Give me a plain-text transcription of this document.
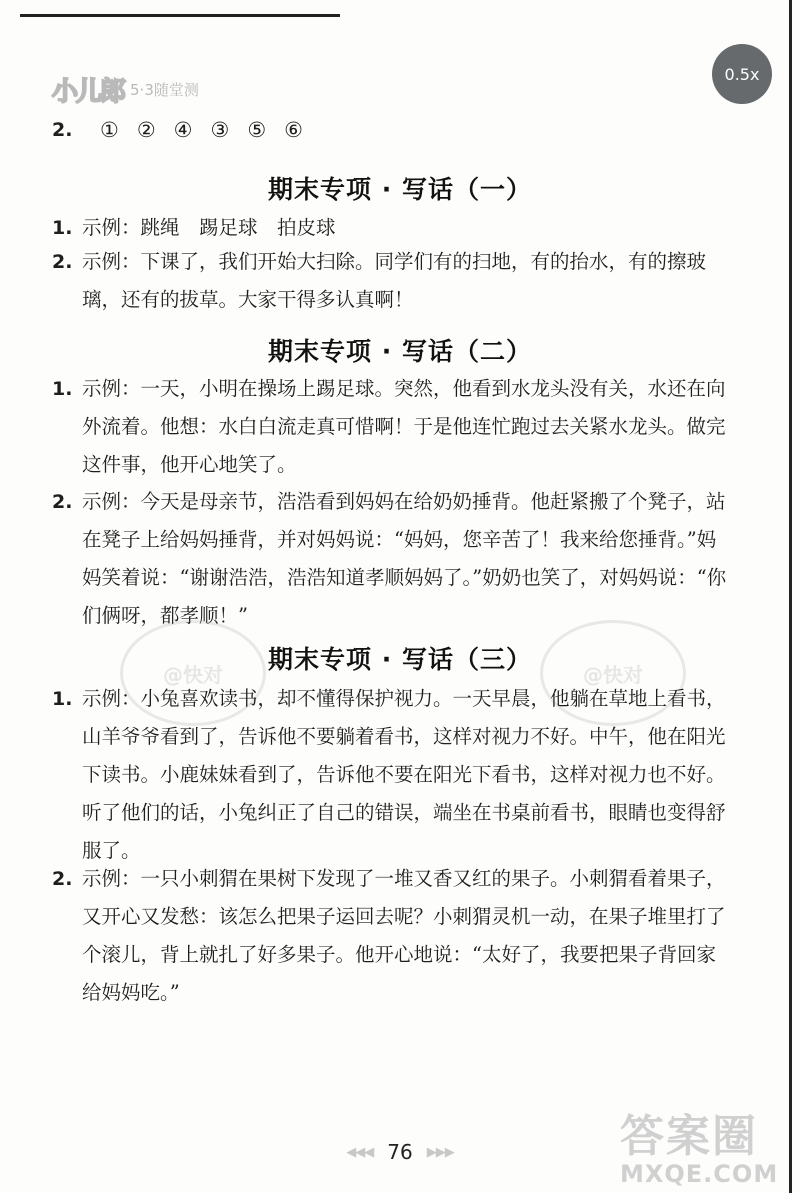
小儿郎 5·3随堂测
0.5x
2.	① ② ④ ③ ⑤ ⑥
@快对	@快对
期末专项 · 写话（一）
1. 示例：跳绳　踢足球　拍皮球
2. 示例：下课了，我们开始大扫除。同学们有的扫地，有的抬水，有的擦玻璃，还有的拔草。大家干得多认真啊！
期末专项 · 写话（二）
1. 示例：一天，小明在操场上踢足球。突然，他看到水龙头没有关，水还在向外流着。他想：水白白流走真可惜啊！于是他连忙跑过去关紧水龙头。做完这件事，他开心地笑了。
2. 示例：今天是母亲节，浩浩看到妈妈在给奶奶捶背。他赶紧搬了个凳子，站在凳子上给妈妈捶背，并对妈妈说：“妈妈，您辛苦了！我来给您捶背。”妈妈笑着说：“谢谢浩浩，浩浩知道孝顺妈妈了。”奶奶也笑了，对妈妈说：“你们俩呀，都孝顺！”
期末专项 · 写话（三）
1. 示例：小兔喜欢读书，却不懂得保护视力。一天早晨，他躺在草地上看书，山羊爷爷看到了，告诉他不要躺着看书，这样对视力不好。中午，他在阳光下读书。小鹿妹妹看到了，告诉他不要在阳光下看书，这样对视力也不好。听了他们的话，小兔纠正了自己的错误，端坐在书桌前看书，眼睛也变得舒服了。
2. 示例：一只小刺猬在果树下发现了一堆又香又红的果子。小刺猬看着果子，又开心又发愁：该怎么把果子运回去呢？小刺猬灵机一动，在果子堆里打了个滚儿，背上就扎了好多果子。他开心地说：“太好了，我要把果子背回家给妈妈吃。”
◀◀◀ 76 ▶▶▶	答案圈
MXQE.COM
